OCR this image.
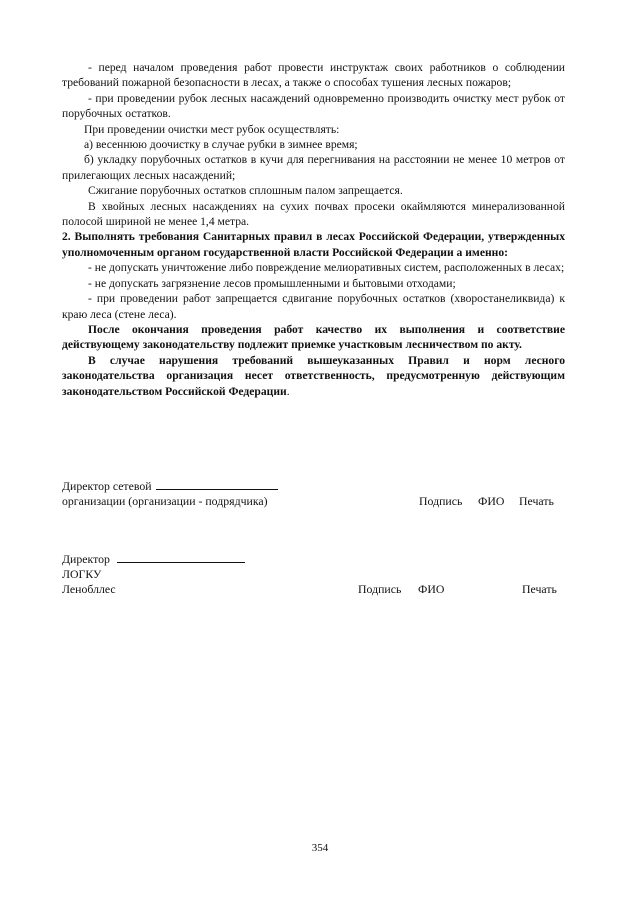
- перед началом проведения работ провести инструктаж своих работников о соблюдении требований пожарной безопасности в лесах, а также о способах тушения лесных пожаров;

- при проведении рубок лесных насаждений одновременно производить очистку мест рубок от порубочных остатков.

При проведении очистки мест рубок осуществлять:

а) весеннюю доочистку в случае рубки в зимнее время;

б) укладку порубочных остатков в кучи для перегнивания на расстоянии не менее 10 метров от прилегающих лесных насаждений;

Сжигание порубочных остатков сплошным палом запрещается.

В хвойных лесных насаждениях на сухих почвах просеки окаймляются минерализованной полосой шириной не менее 1,4 метра.

2. Выполнять требования Санитарных правил в лесах Российской Федерации, утвержденных уполномоченным органом государственной власти Российской Федерации а именно:

- не допускать уничтожение либо повреждение мелиоративных систем, расположенных в лесах;

- не допускать загрязнение лесов промышленными и бытовыми отходами;

- при проведении работ запрещается сдвигание порубочных остатков (хворостанеликвида) к краю леса (стене леса).

После окончания проведения работ качество их выполнения и соответствие действующему законодательству подлежит приемке участковым лесничеством по акту.

В случае нарушения требований вышеуказанных Правил и норм лесного законодательства организация несет ответственность, предусмотренную действующим законодательством Российской Федерации.

Директор сетевой
организации (организации - подрядчика)	Подпись ФИО Печать
Директор
ЛОГКУ
Ленобллес	Подпись ФИО	Печать
354
